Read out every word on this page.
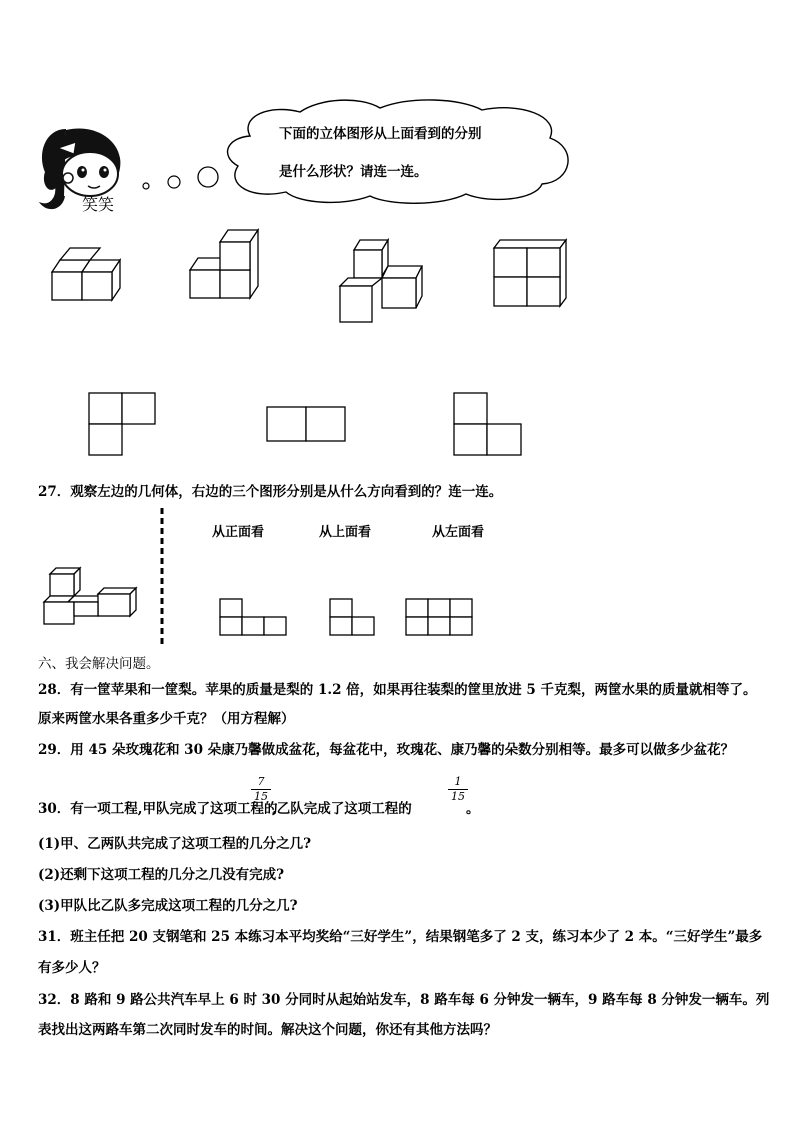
笑笑
下面的立体图形从上面看到的分别
是什么形状？请连一连。
27．观察左边的几何体，右边的三个图形分别是从什么方向看到的？连一连。
从正面看	从上面看	从左面看
六、我会解决问题。
28．有一筐苹果和一筐梨。苹果的质量是梨的 1.2 倍，如果再往装梨的筐里放进 5 千克梨，两筐水果的质量就相等了。
原来两筐水果各重多少千克？（用方程解）
29．用 45 朵玫瑰花和 30 朵康乃馨做成盆花，每盆花中，玫瑰花、康乃馨的朵数分别相等。最多可以做多少盆花？
30．有一项工程,甲队完成了这项工程的
$\frac{7}{15}$
,乙队完成了这项工程的
$\frac{1}{15}$
。
(1)甲、乙两队共完成了这项工程的几分之几?
(2)还剩下这项工程的几分之几没有完成?
(3)甲队比乙队多完成这项工程的几分之几?
31．班主任把 20 支钢笔和 25 本练习本平均奖给“三好学生”，结果钢笔多了 2 支，练习本少了 2 本。“三好学生”最多
有多少人？
32．8 路和 9 路公共汽车早上 6 时 30 分同时从起始站发车，8 路车每 6 分钟发一辆车，9 路车每 8 分钟发一辆车。列
表找出这两路车第二次同时发车的时间。解决这个问题，你还有其他方法吗？
